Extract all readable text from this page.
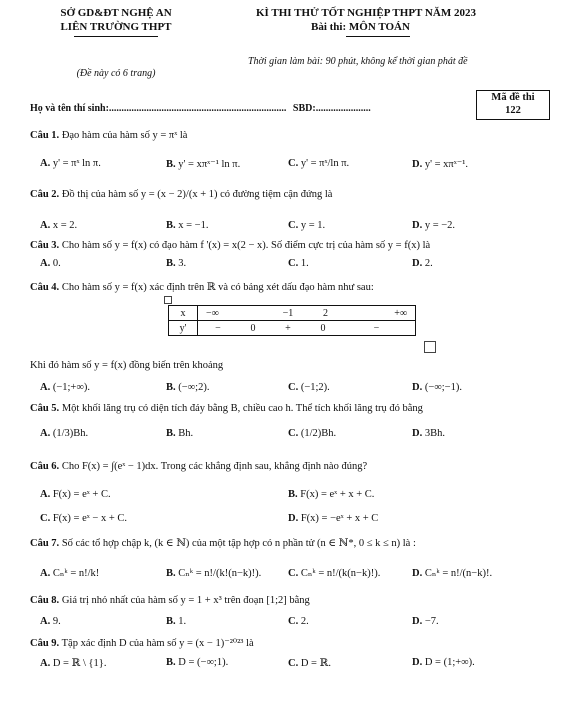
SỞ GD&ĐT NGHỆ AN
LIÊN TRƯỜNG THPT
(Đề này có 6 trang)
KÌ THI THỬ TỐT NGHIỆP THPT NĂM 2023
Bài thi: MÔN TOÁN
Thời gian làm bài: 90 phút, không kể thời gian phát đề
Mã đề thi
122
Họ và tên thí sinh:....................................................................... SBD:......................
Câu 1. Đạo hàm của hàm số y = πˣ là
A. y' = πˣ ln π.	B. y' = xπˣ⁻¹ ln π.	C. y' = πˣ/ln π.	D. y' = xπˣ⁻¹.
Câu 2. Đồ thị của hàm số y = (x − 2)/(x + 1) có đường tiệm cận đứng là
A. x = 2.	B. x = −1.	C. y = 1.	D. y = −2.
Câu 3. Cho hàm số y = f(x) có đạo hàm f '(x) = x(2 − x). Số điểm cực trị của hàm số y = f(x) là
A. 0.	B. 3.	C. 1.	D. 2.
Câu 4. Cho hàm số y = f(x) xác định trên ℝ và có bảng xét dấu đạo hàm như sau:
x	−∞		−1	2	+∞
y'	−	0	+	0	−
Khi đó hàm số y = f(x) đồng biến trên khoảng
A. (−1;+∞).	B. (−∞;2).	C. (−1;2).	D. (−∞;−1).
Câu 5. Một khối lăng trụ có diện tích đáy bằng B, chiều cao h. Thể tích khối lăng trụ đó bằng
A. (1/3)Bh.	B. Bh.	C. (1/2)Bh.	D. 3Bh.
Câu 6. Cho F(x) = ∫(eˣ − 1)dx. Trong các khẳng định sau, khẳng định nào đúng?
A. F(x) = eˣ + C.	B. F(x) = eˣ + x + C.
C. F(x) = eˣ − x + C.	D. F(x) = −eˣ + x + C
Câu 7. Số các tổ hợp chập k, (k ∈ ℕ) của một tập hợp có n phần tử (n ∈ ℕ*, 0 ≤ k ≤ n) là :
A. Cₙᵏ = n!/k!	B. Cₙᵏ = n!/(k!(n−k)!).	C. Cₙᵏ = n!/(k(n−k)!).	D. Cₙᵏ = n!/(n−k)!.
Câu 8. Giá trị nhỏ nhất của hàm số y = 1 + x³ trên đoạn [1;2] bằng
A. 9.	B. 1.	C. 2.	D. −7.
Câu 9. Tập xác định D của hàm số y = (x − 1)⁻²⁰²³ là
A. D = ℝ \ {1}.	B. D = (−∞;1).	C. D = ℝ.	D. D = (1;+∞).
